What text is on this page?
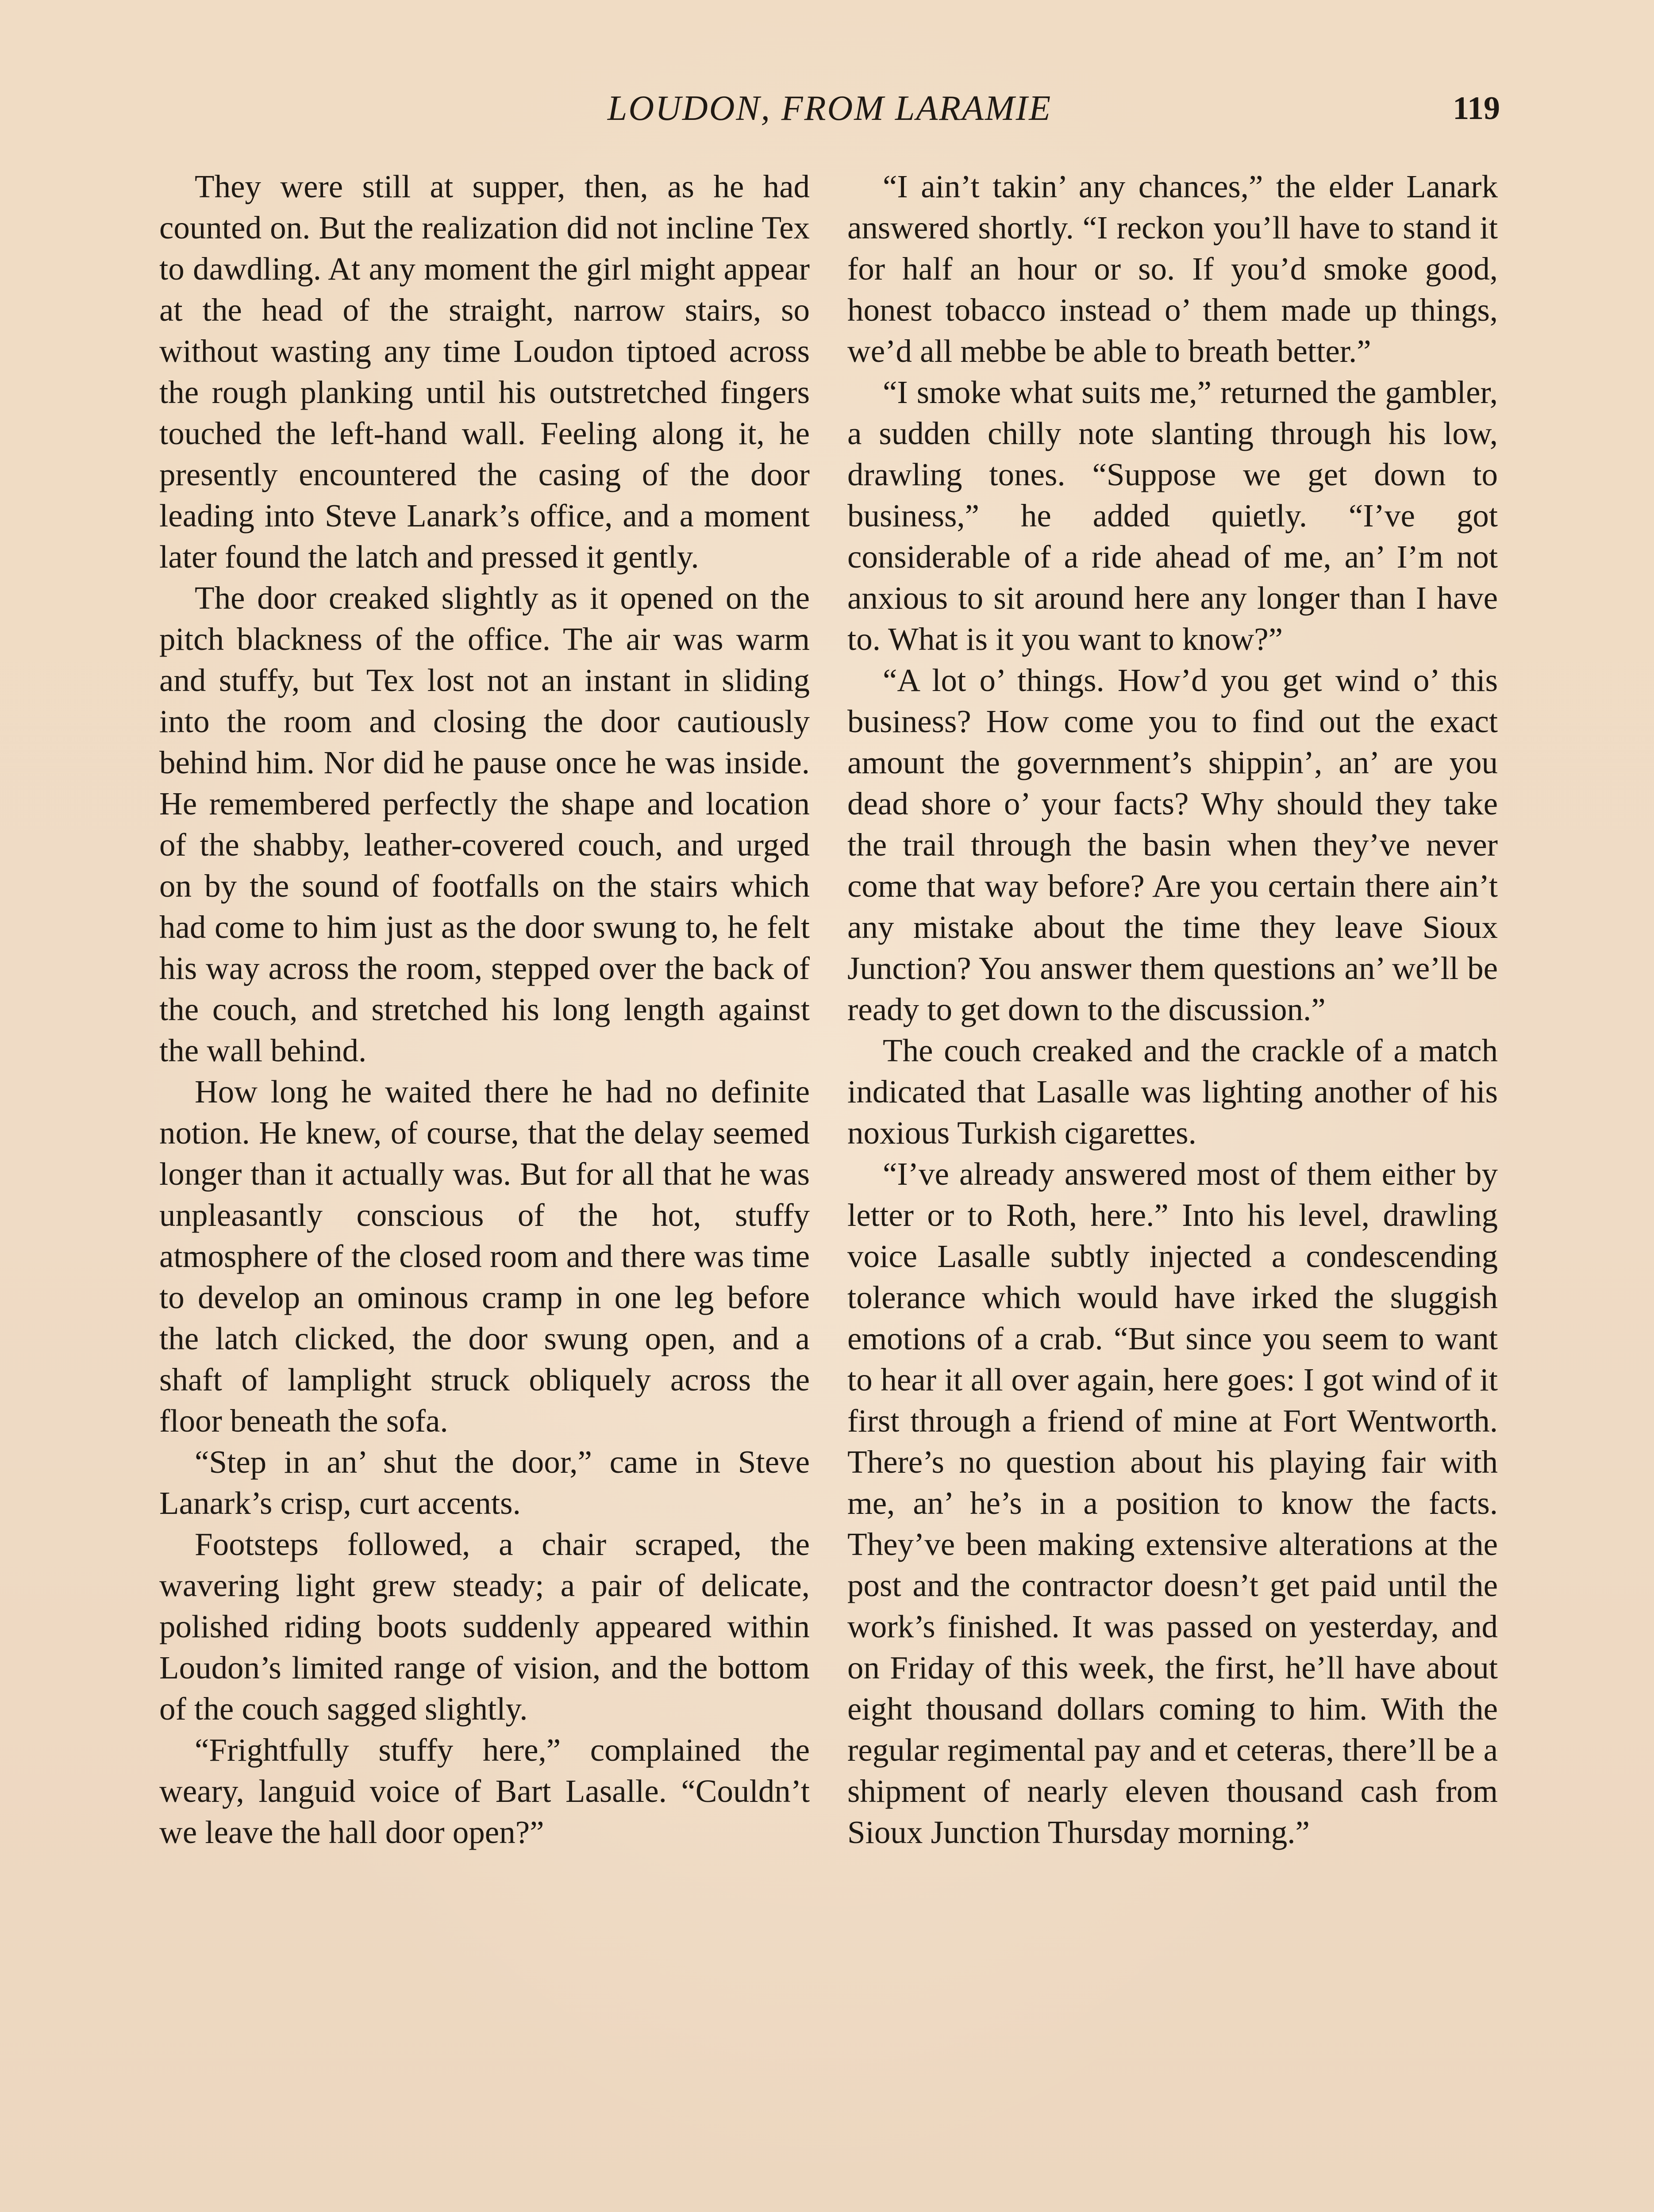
LOUDON, FROM LARAMIE	119

They were still at supper, then, as he had counted on. But the realization did not incline Tex to dawdling. At any moment the girl might appear at the head of the straight, narrow stairs, so without wasting any time Loudon tiptoed across the rough planking until his outstretched fingers touched the left-hand wall. Feeling along it, he presently encountered the casing of the door leading into Steve Lanark’s office, and a moment later found the latch and pressed it gently.

The door creaked slightly as it opened on the pitch blackness of the office. The air was warm and stuffy, but Tex lost not an instant in sliding into the room and closing the door cautiously behind him. Nor did he pause once he was inside. He remembered perfectly the shape and location of the shabby, leather-covered couch, and urged on by the sound of footfalls on the stairs which had come to him just as the door swung to, he felt his way across the room, stepped over the back of the couch, and stretched his long length against the wall behind.

How long he waited there he had no definite notion. He knew, of course, that the delay seemed longer than it actually was. But for all that he was unpleasantly conscious of the hot, stuffy atmosphere of the closed room and there was time to develop an ominous cramp in one leg before the latch clicked, the door swung open, and a shaft of lamplight struck obliquely across the floor beneath the sofa.

“Step in an’ shut the door,” came in Steve Lanark’s crisp, curt accents.

Footsteps followed, a chair scraped, the wavering light grew steady; a pair of delicate, polished riding boots suddenly appeared within Loudon’s limited range of vision, and the bottom of the couch sagged slightly.

“Frightfully stuffy here,” complained the weary, languid voice of Bart Lasalle. “Couldn’t we leave the hall door open?”

“I ain’t takin’ any chances,” the elder Lanark answered shortly. “I reckon you’ll have to stand it for half an hour or so. If you’d smoke good, honest tobacco instead o’ them made up things, we’d all mebbe be able to breath better.”

“I smoke what suits me,” returned the gambler, a sudden chilly note slanting through his low, drawling tones. “Suppose we get down to business,” he added quietly. “I’ve got considerable of a ride ahead of me, an’ I’m not anxious to sit around here any longer than I have to. What is it you want to know?”

“A lot o’ things. How’d you get wind o’ this business? How come you to find out the exact amount the government’s shippin’, an’ are you dead shore o’ your facts? Why should they take the trail through the basin when they’ve never come that way before? Are you certain there ain’t any mistake about the time they leave Sioux Junction? You answer them questions an’ we’ll be ready to get down to the discussion.”

The couch creaked and the crackle of a match indicated that Lasalle was lighting another of his noxious Turkish cigarettes.

“I’ve already answered most of them either by letter or to Roth, here.” Into his level, drawling voice Lasalle subtly injected a condescending tolerance which would have irked the sluggish emotions of a crab. “But since you seem to want to hear it all over again, here goes: I got wind of it first through a friend of mine at Fort Wentworth. There’s no question about his playing fair with me, an’ he’s in a position to know the facts. They’ve been making extensive alterations at the post and the contractor doesn’t get paid until the work’s finished. It was passed on yesterday, and on Friday of this week, the first, he’ll have about eight thousand dollars coming to him. With the regular regimental pay and et ceteras, there’ll be a shipment of nearly eleven thousand cash from Sioux Junction Thursday morning.”
